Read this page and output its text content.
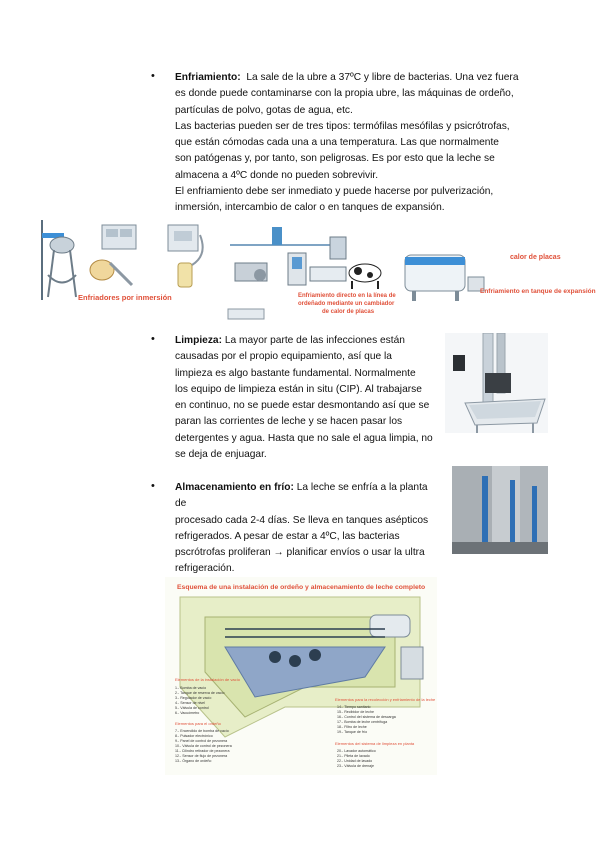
• Enfriamiento: La sale de la ubre a 37ºC y libre de bacterias. Una vez fuera
es donde puede contaminarse con la propia ubre, las máquinas de ordeño,
partículas de polvo, gotas de agua, etc.
Las bacterias pueden ser de tres tipos: termófilas mesófilas y psicrótrofas,
que están cómodas cada una a una temperatura. Las que normalmente
son patógenas y, por tanto, son peligrosas. Es por esto que la leche se
almacena a 4ºC donde no pueden sobrevivir.
El enfriamiento debe ser inmediato y puede hacerse por pulverización,
inmersión, intercambio de calor o en tanques de expansión.
Enfriadores por inmersión	Enfriamiento directo en la línea de
ordeñado mediante un cambiador
de calor de placas
calor de placas
Enfriamiento en tanque de expansión
• Limpieza: La mayor parte de las infecciones están
causadas por el propio equipamiento, así que la
limpieza es algo bastante fundamental. Normalmente
los equipo de limpieza están in situ (CIP). Al trabajarse
en continuo, no se puede estar desmontando así que se
paran las corrientes de leche y se hacen pasar los
detergentes y agua. Hasta que no sale el agua limpia, no
se deja de enjuagar.
• Almacenamiento en frío: La leche se enfría a la planta de
procesado cada 2-4 días. Se lleva en tanques asépticos
refrigerados. A pesar de estar a 4ºC, las bacterias
pscrótrofas proliferan → planificar envíos o usar la ultra
refrigeración.
Esquema de una instalación de ordeño y almacenamiento de leche completo
Elementos de la instalación de vacío
1.- Bomba de vacío
2.- Tanque de reserva de vacío
3.- Regulador de vacío
4.- Sensor de nivel
5.- Válvula de control
6.- Vacuómetro
Elementos para el ordeño
7.- Encendido de bomba de vacío
8.- Pulsador electrónico
9.- Panel de control de pezonera
10.- Válvula de control de pezonera
11.- Cilindro retirador de pezonera
12.- Sensor de flujo de pezonera
13.- Órgano de ordeño
Elementos para la recolección y enfriamiento de la leche
14.- Tiempo sanitario
15.- Recibidor de leche
16.- Control del sistema de descarga
17.- Bomba de leche centrífuga
18.- Filtro de leche
19.- Tanque de frío
Elementos del sistema de limpieza en planta
20.- Lavador automático
21.- Pileta de lavado
22.- Unidad de lavado
23.- Válvula de drenaje
